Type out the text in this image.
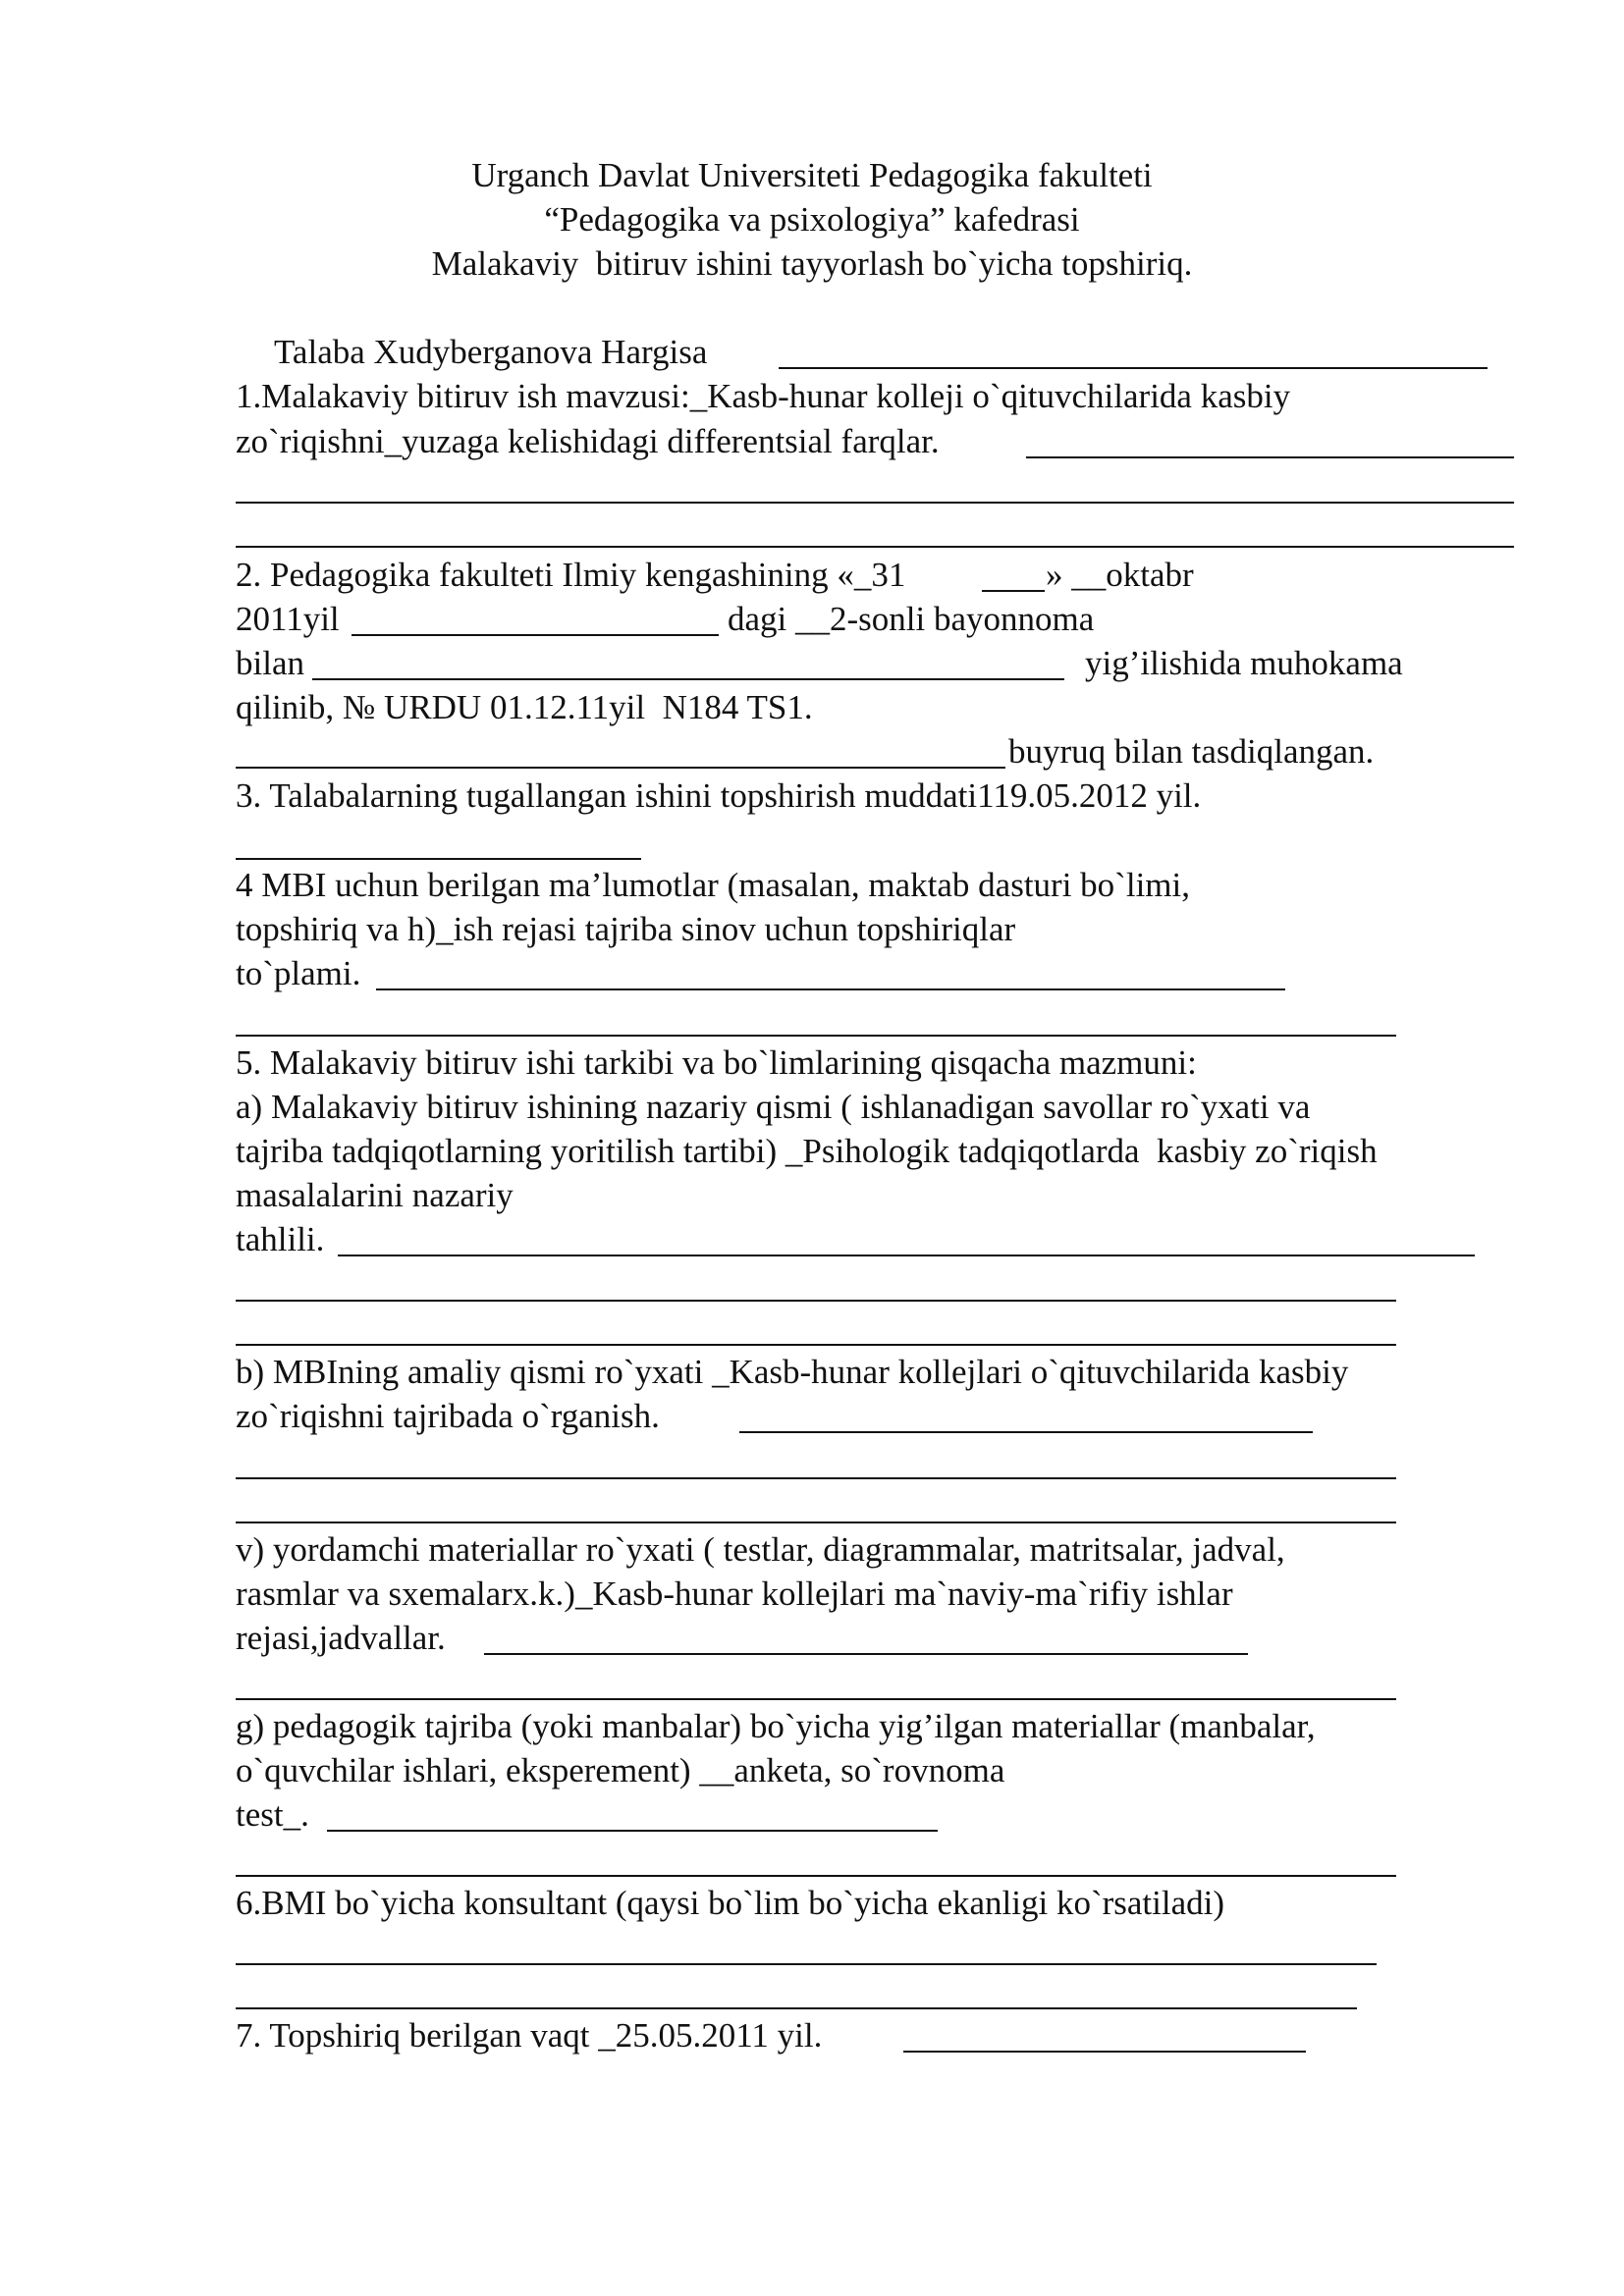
Urganch Davlat Universiteti Pedagogika fakulteti

“Pedagogika va psixologiya” kafedrasi

Malakaviy  bitiruv ishini tayyorlash bo`yicha topshiriq.

Talaba Xudyberganova Hargisa

1.Malakaviy bitiruv ish mavzusi:_Kasb-hunar kolleji o`qituvchilarida kasbiy

zo`riqishni_yuzaga kelishidagi differentsial farqlar.

2. Pedagogika fakulteti Ilmiy kengashining «_31	» __oktabr

2011yil	dagi __2-sonli bayonnoma

bilan	yig’ilishida muhokama

qilinib, № URDU 01.12.11yil  N184 TS1.

buyruq bilan tasdiqlangan.

3. Talabalarning tugallangan ishini topshirish muddati119.05.2012 yil.

4 MBI uchun berilgan ma’lumotlar (masalan, maktab dasturi bo`limi,

topshiriq va h)_ish rejasi tajriba sinov uchun topshiriqlar

to`plami.

5. Malakaviy bitiruv ishi tarkibi va bo`limlarining qisqacha mazmuni:

a) Malakaviy bitiruv ishining nazariy qismi ( ishlanadigan savollar ro`yxati va

tajriba tadqiqotlarning yoritilish tartibi) _Psihologik tadqiqotlarda  kasbiy zo`riqish

masalalarini nazariy

tahlili.

b) MBIning amaliy qismi ro`yxati _Kasb-hunar kollejlari o`qituvchilarida kasbiy

zo`riqishni tajribada o`rganish.

v) yordamchi materiallar ro`yxati ( testlar, diagrammalar, matritsalar, jadval,

rasmlar va sxemalarx.k.)_Kasb-hunar kollejlari ma`naviy-ma`rifiy ishlar

rejasi,jadvallar.

g) pedagogik tajriba (yoki manbalar) bo`yicha yig’ilgan materiallar (manbalar,

o`quvchilar ishlari, eksperement) __anketa, so`rovnoma

test_.

6.BMI bo`yicha konsultant (qaysi bo`lim bo`yicha ekanligi ko`rsatiladi)

7. Topshiriq berilgan vaqt _25.05.2011 yil.
